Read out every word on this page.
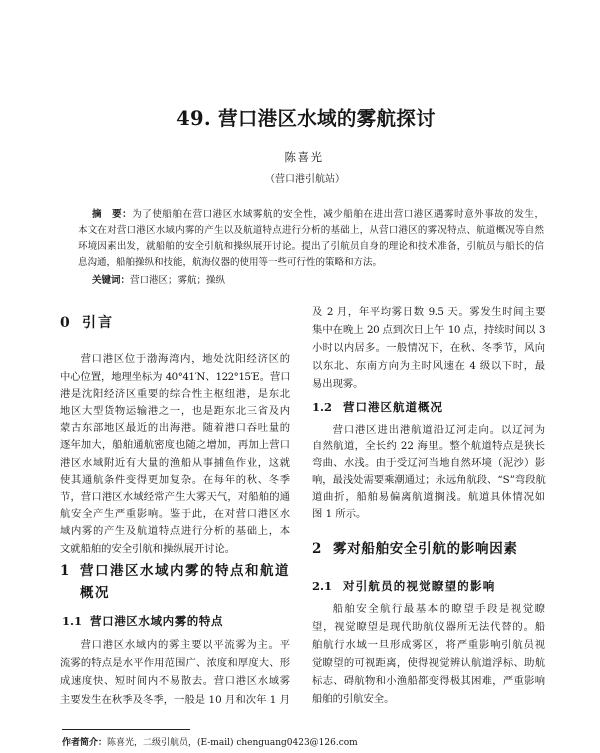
49. 营口港区水域的雾航探讨
陈喜光
（营口港引航站）
摘　要：为了使船舶在营口港区水域雾航的安全性，减少船舶在进出营口港区遇雾时意外事故的发生，
本文在对营口港区水域内雾的产生以及航道特点进行分析的基础上，从营口港区的雾况特点、航道概况等自然
环境因素出发，就船舶的安全引航和操纵展开讨论。提出了引航员自身的理论和技术准备，引航员与船长的信
息沟通，船舶操纵和技能，航海仪器的使用等一些可行性的策略和方法。
关键词：营口港区；雾航；操纵
0 引言
营口港区位于渤海湾内，地处沈阳经济区的
中心位置，地理坐标为 40°41′N、122°15′E。营口
港是沈阳经济区重要的综合性主枢纽港，是东北
地区大型货物运输港之一，也是距东北三省及内
蒙古东部地区最近的出海港。随着港口吞吐量的
逐年加大，船舶通航密度也随之增加，再加上营口
港区水域附近有大量的渔船从事捕鱼作业，这就
使其通航条件变得更加复杂。在每年的秋、冬季
节，营口港区水域经常产生大雾天气，对船舶的通
航安全产生严重影响。鉴于此，在对营口港区水
域内雾的产生及航道特点进行分析的基础上，本
文就船舶的安全引航和操纵展开讨论。
1 营口港区水域内雾的特点和航道
概况
1.1 营口港区水域内雾的特点
营口港区水域内的雾主要以平流雾为主。平
流雾的特点是水平作用范围广、浓度和厚度大、形
成速度快、短时间内不易散去。营口港区水域雾
主要发生在秋季及冬季，一般是 10 月和次年 1 月
及 2 月，年平均雾日数 9.5 天。雾发生时间主要
集中在晚上 20 点到次日上午 10 点，持续时间以 3
小时以内居多。一般情况下，在秋、冬季节，风向
以东北、东南方向为主时风速在 4 级以下时，最
易出现雾。
1.2 营口港区航道概况
营口港区进出港航道沿辽河走向。以辽河为
自然航道，全长约 22 海里。整个航道特点是狭长
弯曲、水浅。由于受辽河当地自然环境（泥沙）影
响，最浅处需要乘潮通过；永远角航段、“S”弯段航
道曲折，船舶易偏离航道搁浅。航道具体情况如
图 1 所示。
2 雾对船舶安全引航的影响因素
2.1 对引航员的视觉瞭望的影响
船舶安全航行最基本的瞭望手段是视觉瞭
望，视觉瞭望是现代助航仪器所无法代替的。船
舶航行水域一旦形成雾区，将严重影响引航员视
觉瞭望的可视距离，使得视觉辨认航道浮标、助航
标志、碍航物和小渔船都变得极其困难，严重影响
船舶的引航安全。
作者简介：陈喜光，二级引航员，(E-mail) chenguang0423@126.com
